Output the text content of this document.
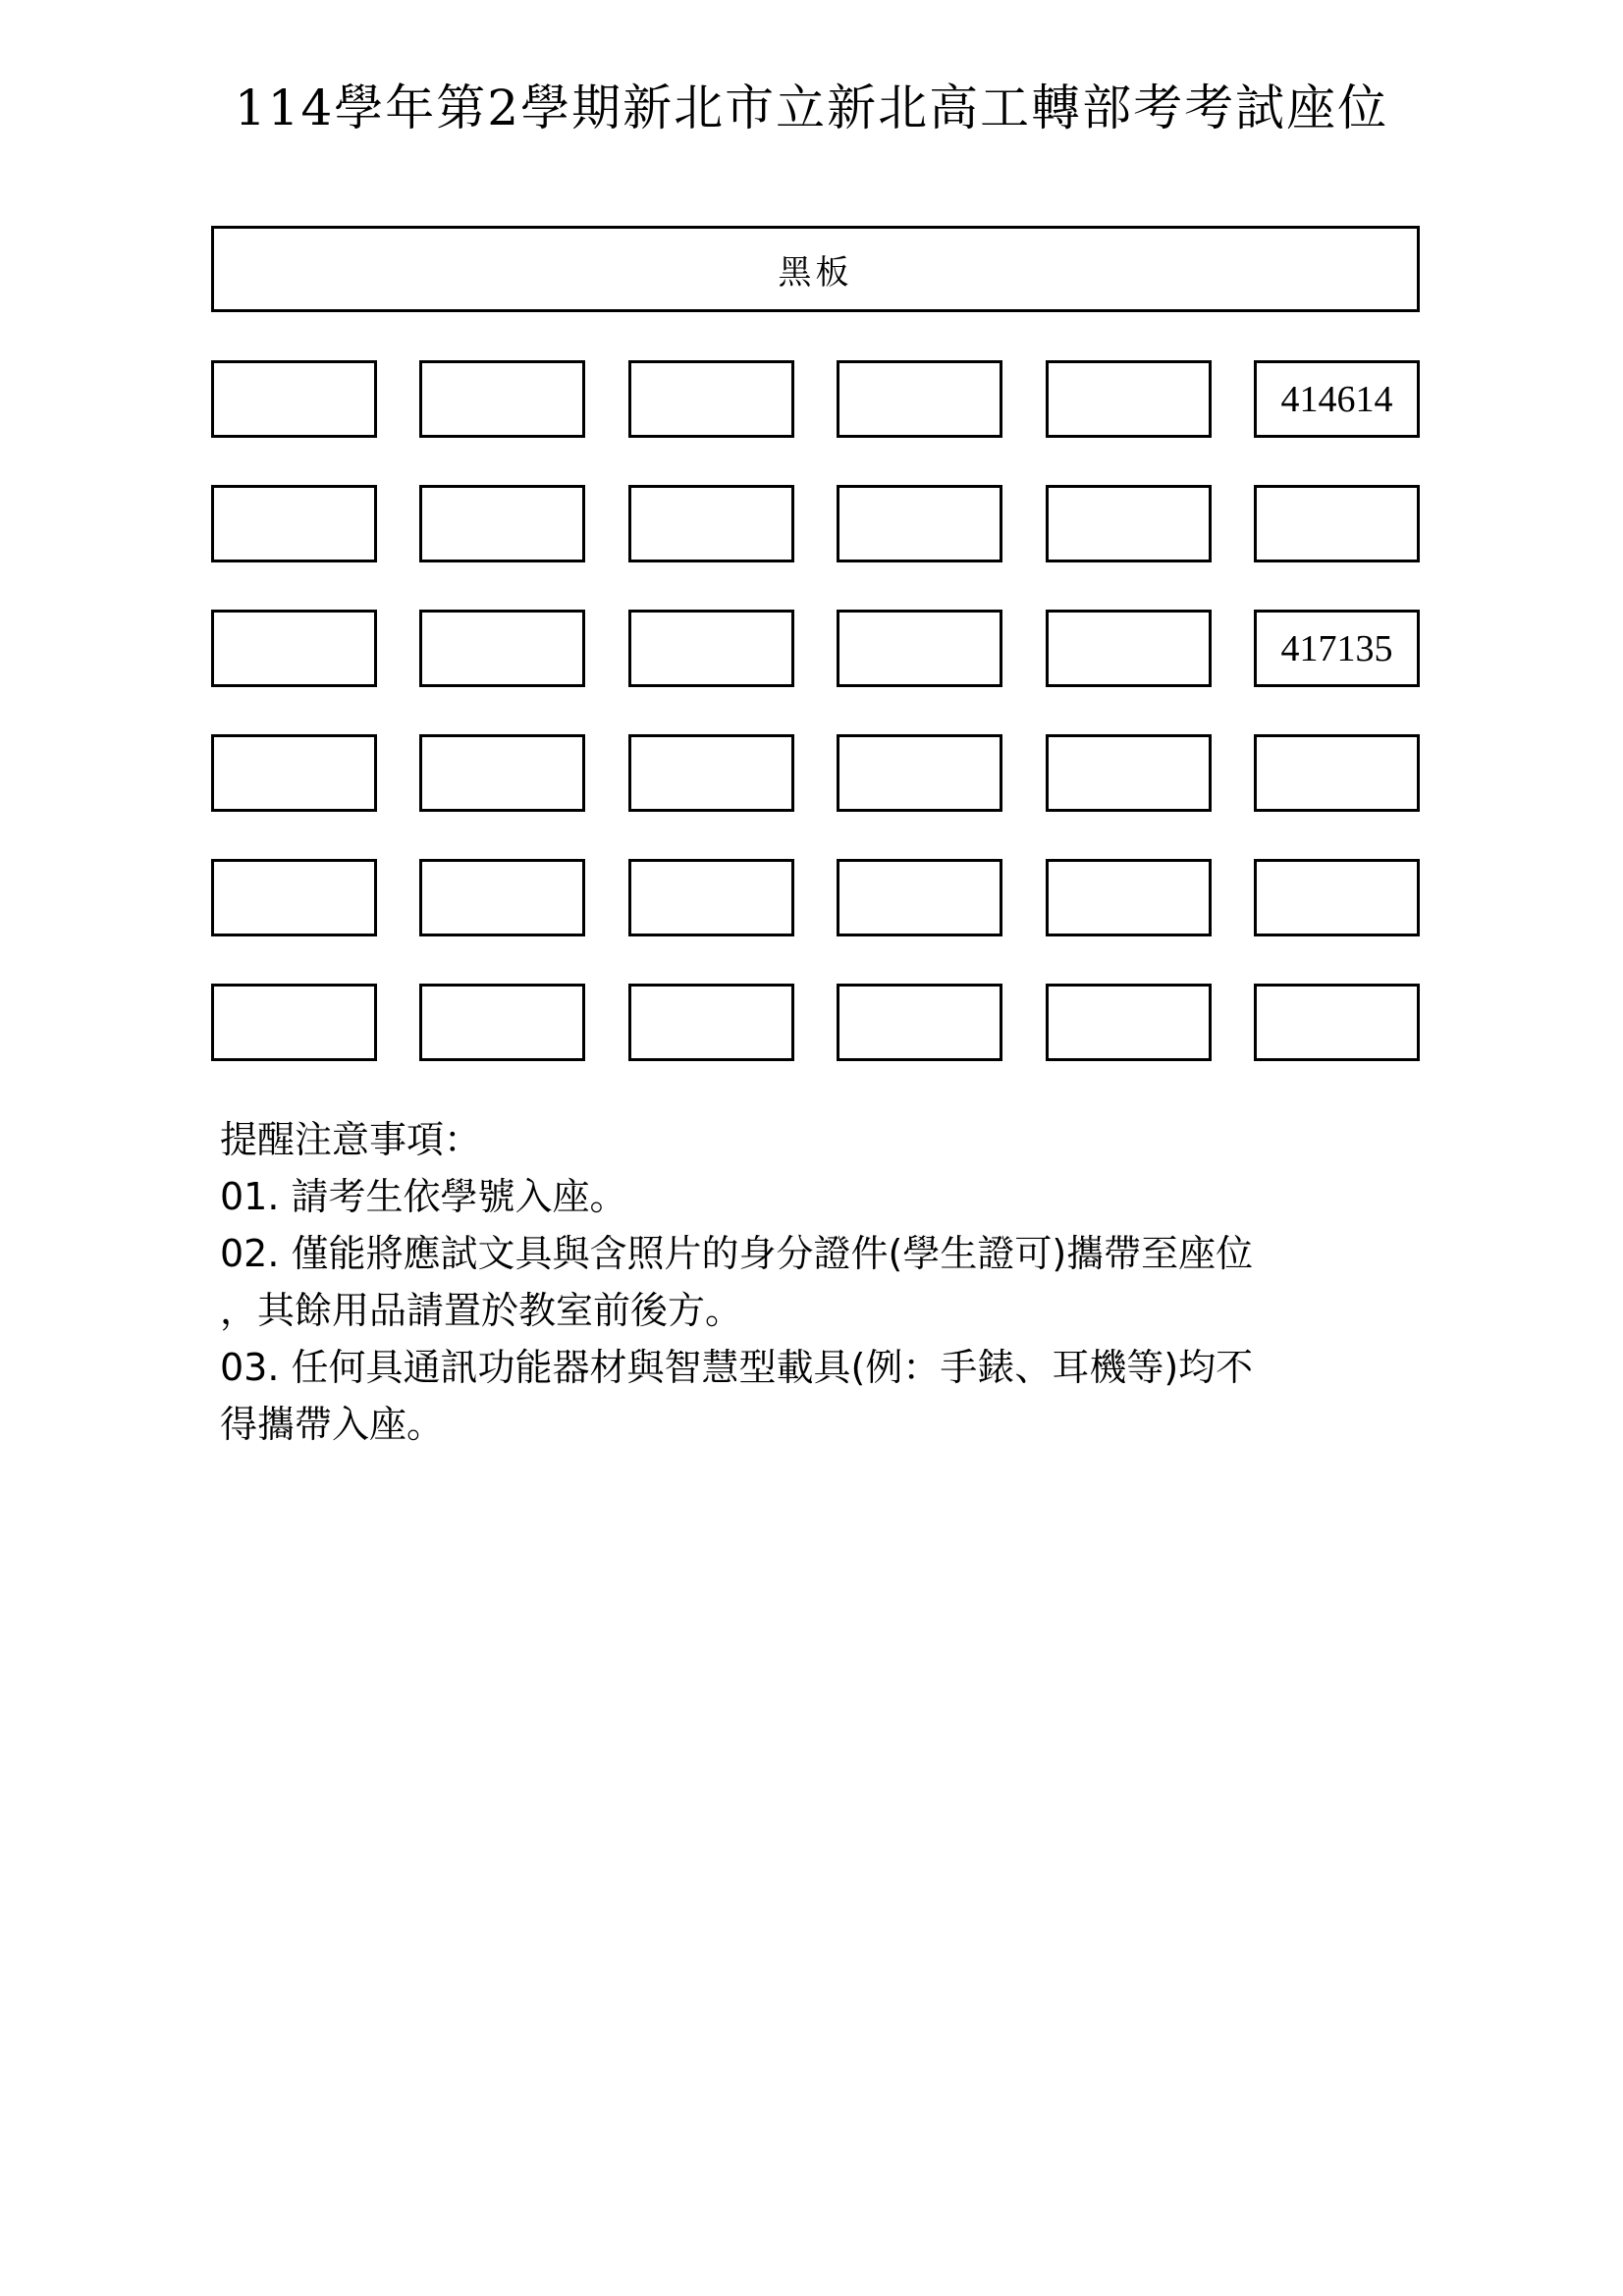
114學年第2學期新北市立新北高工轉部考考試座位
黑板
414614
417135
提醒注意事項：
01. 請考生依學號入座。
02. 僅能將應試文具與含照片的身分證件(學生證可)攜帶至座位
，其餘用品請置於教室前後方。
03. 任何具通訊功能器材與智慧型載具(例：手錶、耳機等)均不
得攜帶入座。
